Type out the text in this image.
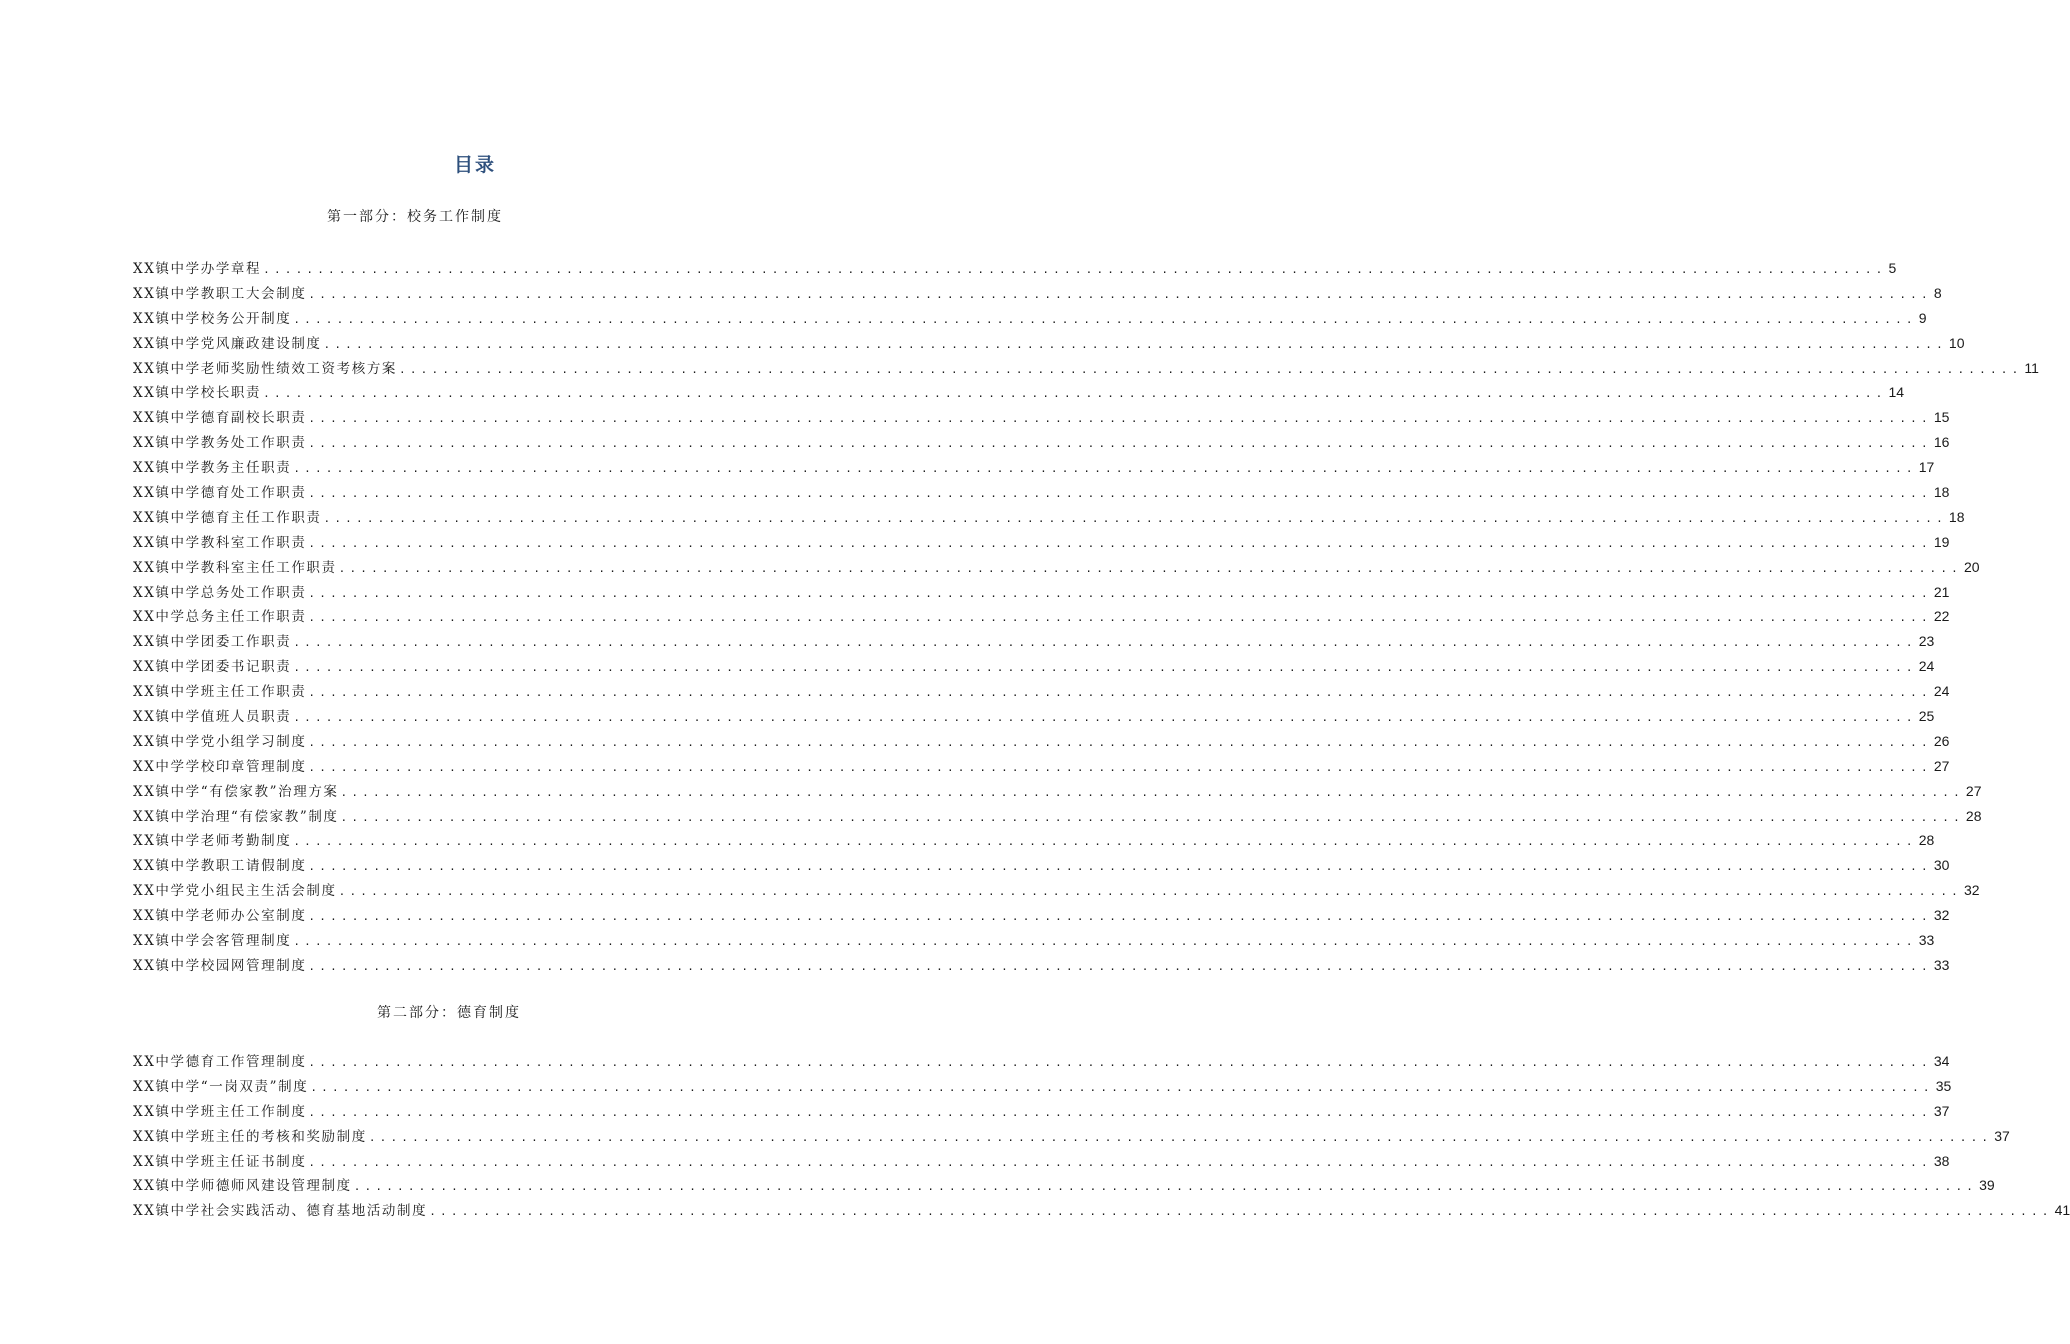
目录
第一部分：校务工作制度
XX镇中学办学章程 ...................................................................................................................................................... 5
XX镇中学教职工大会制度 ...................................................................................................................................................... 8
XX镇中学校务公开制度 ...................................................................................................................................................... 9
XX镇中学党风廉政建设制度 ...................................................................................................................................................... 10
XX镇中学老师奖励性绩效工资考核方案 ...................................................................................................................................................... 11
XX镇中学校长职责 ...................................................................................................................................................... 14
XX镇中学德育副校长职责 ...................................................................................................................................................... 15
XX镇中学教务处工作职责 ...................................................................................................................................................... 16
XX镇中学教务主任职责 ...................................................................................................................................................... 17
XX镇中学德育处工作职责 ...................................................................................................................................................... 18
XX镇中学德育主任工作职责 ...................................................................................................................................................... 18
XX镇中学教科室工作职责 ...................................................................................................................................................... 19
XX镇中学教科室主任工作职责 ...................................................................................................................................................... 20
XX镇中学总务处工作职责 ...................................................................................................................................................... 21
XX中学总务主任工作职责 ...................................................................................................................................................... 22
XX镇中学团委工作职责 ...................................................................................................................................................... 23
XX镇中学团委书记职责 ...................................................................................................................................................... 24
XX镇中学班主任工作职责 ...................................................................................................................................................... 24
XX镇中学值班人员职责 ...................................................................................................................................................... 25
XX镇中学党小组学习制度 ...................................................................................................................................................... 26
XX中学学校印章管理制度 ...................................................................................................................................................... 27
XX镇中学“有偿家教”治理方案 ...................................................................................................................................................... 27
XX镇中学治理“有偿家教”制度 ...................................................................................................................................................... 28
XX镇中学老师考勤制度 ...................................................................................................................................................... 28
XX镇中学教职工请假制度 ...................................................................................................................................................... 30
XX中学党小组民主生活会制度 ...................................................................................................................................................... 32
XX镇中学老师办公室制度 ...................................................................................................................................................... 32
XX镇中学会客管理制度 ...................................................................................................................................................... 33
XX镇中学校园网管理制度 ...................................................................................................................................................... 33
第二部分：德育制度
XX中学德育工作管理制度 ...................................................................................................................................................... 34
XX镇中学“一岗双责”制度 ...................................................................................................................................................... 35
XX镇中学班主任工作制度 ...................................................................................................................................................... 37
XX镇中学班主任的考核和奖励制度 ...................................................................................................................................................... 37
XX镇中学班主任证书制度 ...................................................................................................................................................... 38
XX镇中学师德师风建设管理制度 ...................................................................................................................................................... 39
XX镇中学社会实践活动、德育基地活动制度 ...................................................................................................................................................... 41
